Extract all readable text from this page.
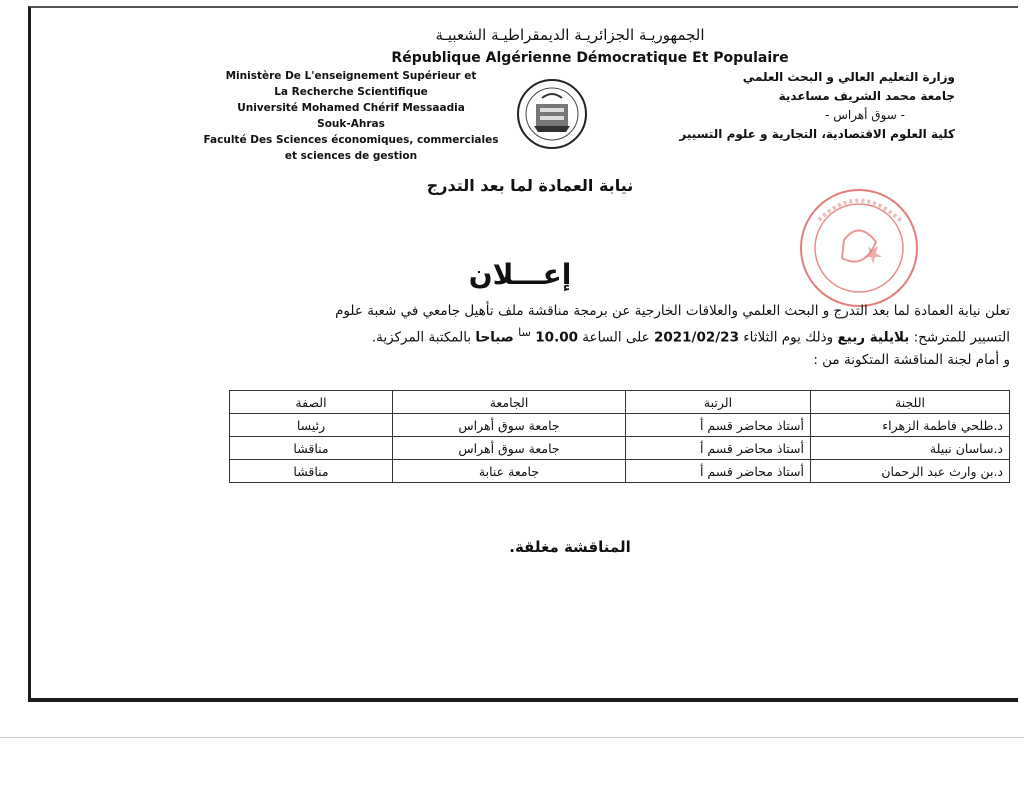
الجمهوريـة الجزائريـة الديمقراطيـة الشعبيـة
République Algérienne Démocratique Et Populaire
Ministère De L'enseignement Supérieur et
La Recherche Scientifique
Université Mohamed Chérif Messaadia
Souk-Ahras
Faculté Des Sciences économiques, commerciales
et sciences de gestion
وزارة التعليم العالي و البحث العلمي
جامعة محمد الشريف مساعدية
- سوق أهراس -
كلية العلوم الاقتصادية، التجارية و علوم التسيير
نيابة العمادة لما بعد التدرج
إعـــلان
تعلن نيابة العمادة لما بعد التدرج و البحث العلمي والعلاقات الخارجية عن برمجة مناقشة ملف تأهيل جامعي في شعبة علوم
التسيير للمترشح: بلايلية ربيع وذلك يوم الثلاثاء 2021/02/23 على الساعة 10.00 $^{سا}$ صباحا بالمكتبة المركزية.
و أمام لجنة المناقشة المتكونة من :
اللجنة	الرتبة	الجامعة	الصفة
د.طلحي فاطمة الزهراء	أستاذ محاضر قسم أ	جامعة سوق أهراس	رئيسا
د.ساسان نبيلة	أستاذ محاضر قسم أ	جامعة سوق أهراس	مناقشا
د.بن وارث عبد الرحمان	أستاذ محاضر قسم أ	جامعة عنابة	مناقشا
المناقشة مغلقة.
